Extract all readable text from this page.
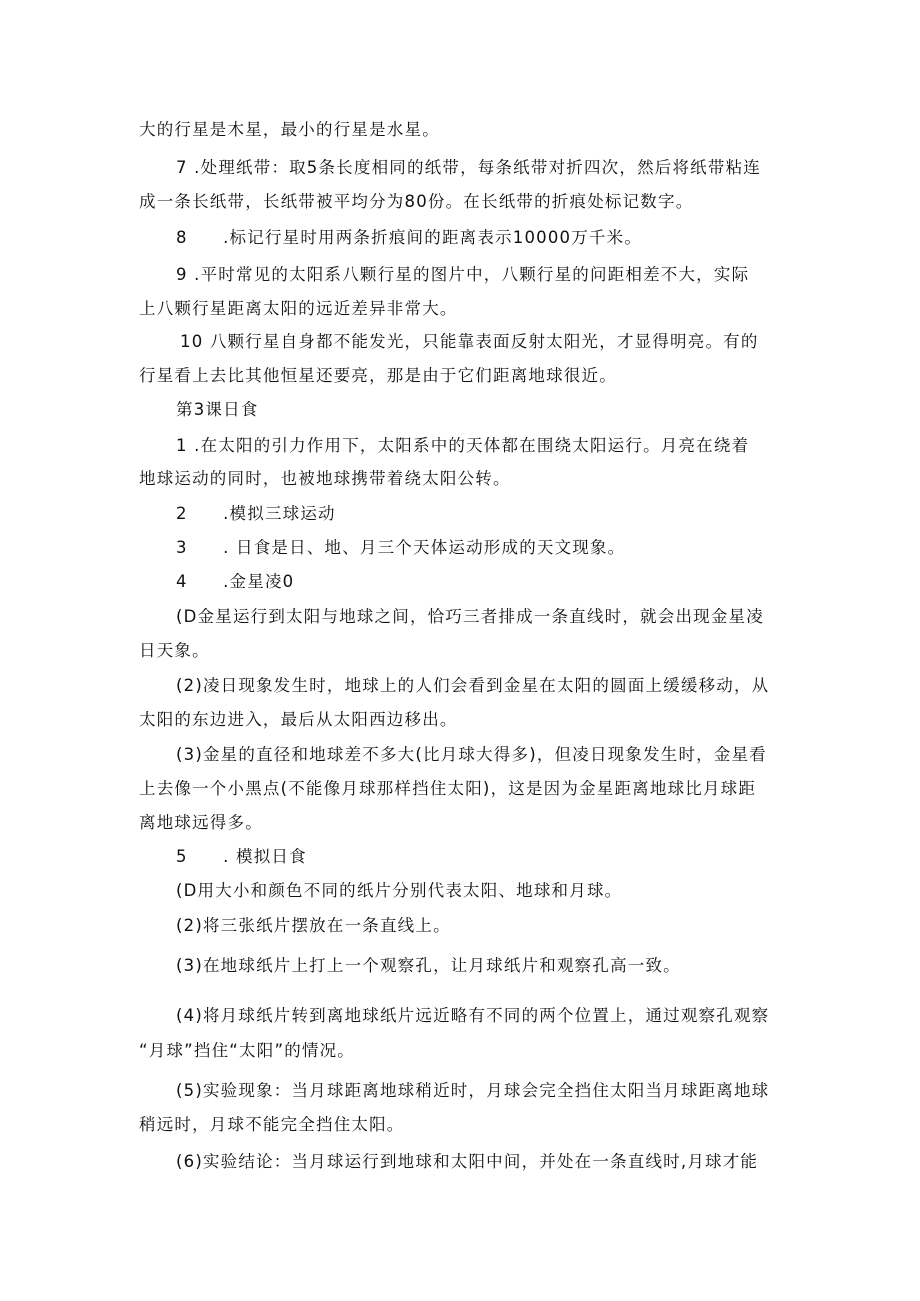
大的行星是木星，最小的行星是水星。
7 .处理纸带：取5条长度相同的纸带，每条纸带对折四次，然后将纸带粘连
成一条长纸带，长纸带被平均分为80份。在长纸带的折痕处标记数字。
8　　.标记行星时用两条折痕间的距离表示10000万千米。
9 .平时常见的太阳系八颗行星的图片中，八颗行星的问距相差不大，实际
上八颗行星距离太阳的远近差异非常大。
10 八颗行星自身都不能发光，只能靠表面反射太阳光，才显得明亮。有的
行星看上去比其他恒星还要亮，那是由于它们距离地球很近。
第3课日食
1 .在太阳的引力作用下，太阳系中的天体都在围绕太阳运行。月亮在绕着
地球运动的同时，也被地球携带着绕太阳公转。
2　　.模拟三球运动
3　　. 日食是日、地、月三个天体运动形成的天文现象。
4　　.金星凌0
(D金星运行到太阳与地球之间，恰巧三者排成一条直线时，就会出现金星凌
日天象。
(2)凌日现象发生时，地球上的人们会看到金星在太阳的圆面上缓缓移动，从
太阳的东边进入，最后从太阳西边移出。
(3)金星的直径和地球差不多大(比月球大得多)，但凌日现象发生时，金星看
上去像一个小黑点(不能像月球那样挡住太阳)，这是因为金星距离地球比月球距
离地球远得多。
5　　. 模拟日食
(D用大小和颜色不同的纸片分别代表太阳、地球和月球。
(2)将三张纸片摆放在一条直线上。
(3)在地球纸片上打上一个观察孔，让月球纸片和观察孔高一致。
(4)将月球纸片转到离地球纸片远近略有不同的两个位置上，通过观察孔观察
“月球”挡住“太阳”的情况。
(5)实验现象：当月球距离地球稍近时，月球会完全挡住太阳当月球距离地球
稍远时，月球不能完全挡住太阳。
(6)实验结论：当月球运行到地球和太阳中间，并处在一条直线时,月球才能
